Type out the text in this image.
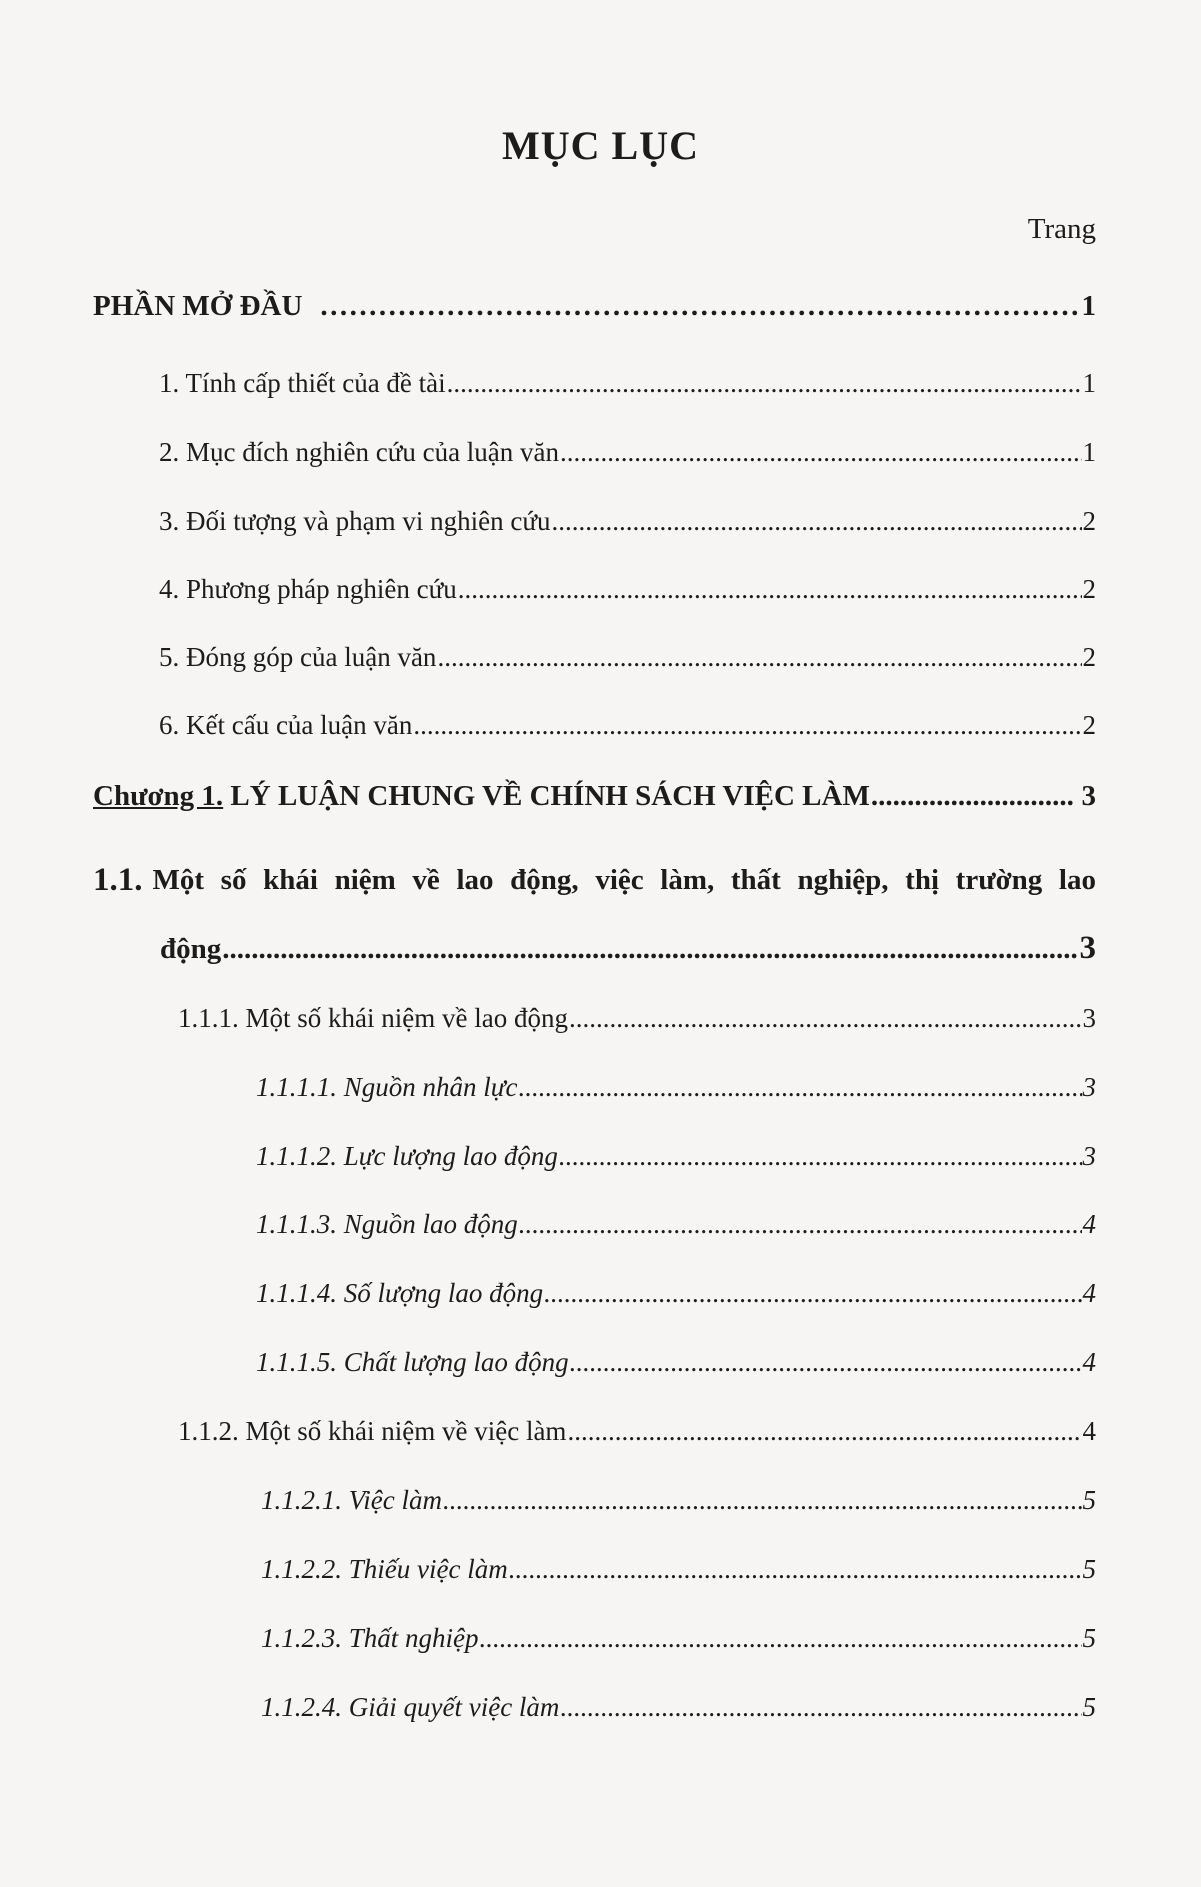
MỤC LỤC
Trang
PHẦN MỞ ĐẦU .....	1
1. Tính cấp thiết của đề tài .....	1
2. Mục đích nghiên cứu của luận văn .....	1
3. Đối tượng và phạm vi nghiên cứu .....	2
4. Phương pháp nghiên cứu .....	2
5. Đóng góp của luận văn .....	2
6. Kết cấu của luận văn .....	2
Chương 1. LÝ LUẬN CHUNG VỀ CHÍNH SÁCH VIỆC LÀM .....	3
1.1. Một số khái niệm về lao động, việc làm, thất nghiệp, thị trường lao
động .....	3
1.1.1. Một số khái niệm về lao động .....	3
1.1.1.1. Nguồn nhân lực .....	3
1.1.1.2. Lực lượng lao động .....	3
1.1.1.3. Nguồn lao động .....	4
1.1.1.4. Số lượng lao động .....	4
1.1.1.5. Chất lượng lao động .....	4
1.1.2. Một số khái niệm về việc làm .....	4
1.1.2.1. Việc làm .....	5
1.1.2.2. Thiếu việc làm .....	5
1.1.2.3. Thất nghiệp .....	5
1.1.2.4. Giải quyết việc làm .....	5
